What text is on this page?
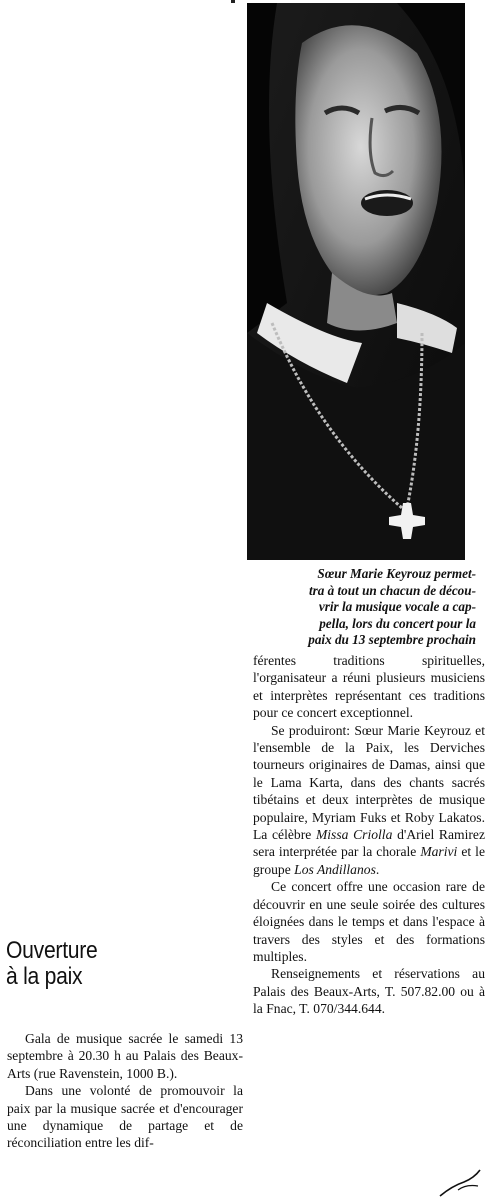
Sœur Marie Keyrouz permet-
tra à tout un chacun de décou-
vrir la musique vocale a cap-
pella, lors du concert pour la
paix du 13 septembre prochain

férentes traditions spirituelles, l'organisateur a réuni plusieurs musiciens et interprètes représentant ces traditions pour ce concert exceptionnel.

Se produiront: Sœur Marie Keyrouz et l'ensemble de la Paix, les Derviches tourneurs originaires de Damas, ainsi que le Lama Karta, dans des chants sacrés tibétains et deux interprètes de musique populaire, Myriam Fuks et Roby Lakatos. La célèbre Missa Criolla d'Ariel Ramirez sera interprétée par la chorale Marivi et le groupe Los Andillanos.

Ce concert offre une occasion rare de découvrir en une seule soirée des cultures éloignées dans le temps et dans l'espace à travers des styles et des formations multiples.

Renseignements et réservations au Palais des Beaux-Arts, T. 507.82.00 ou à la Fnac, T. 070/344.644.

Ouverture
à la paix

Gala de musique sacrée le samedi 13 septembre à 20.30 h au Palais des Beaux-Arts (rue Ravenstein, 1000 B.).

Dans une volonté de promouvoir la paix par la musique sacrée et d'encourager une dynamique de partage et de réconciliation entre les dif-
